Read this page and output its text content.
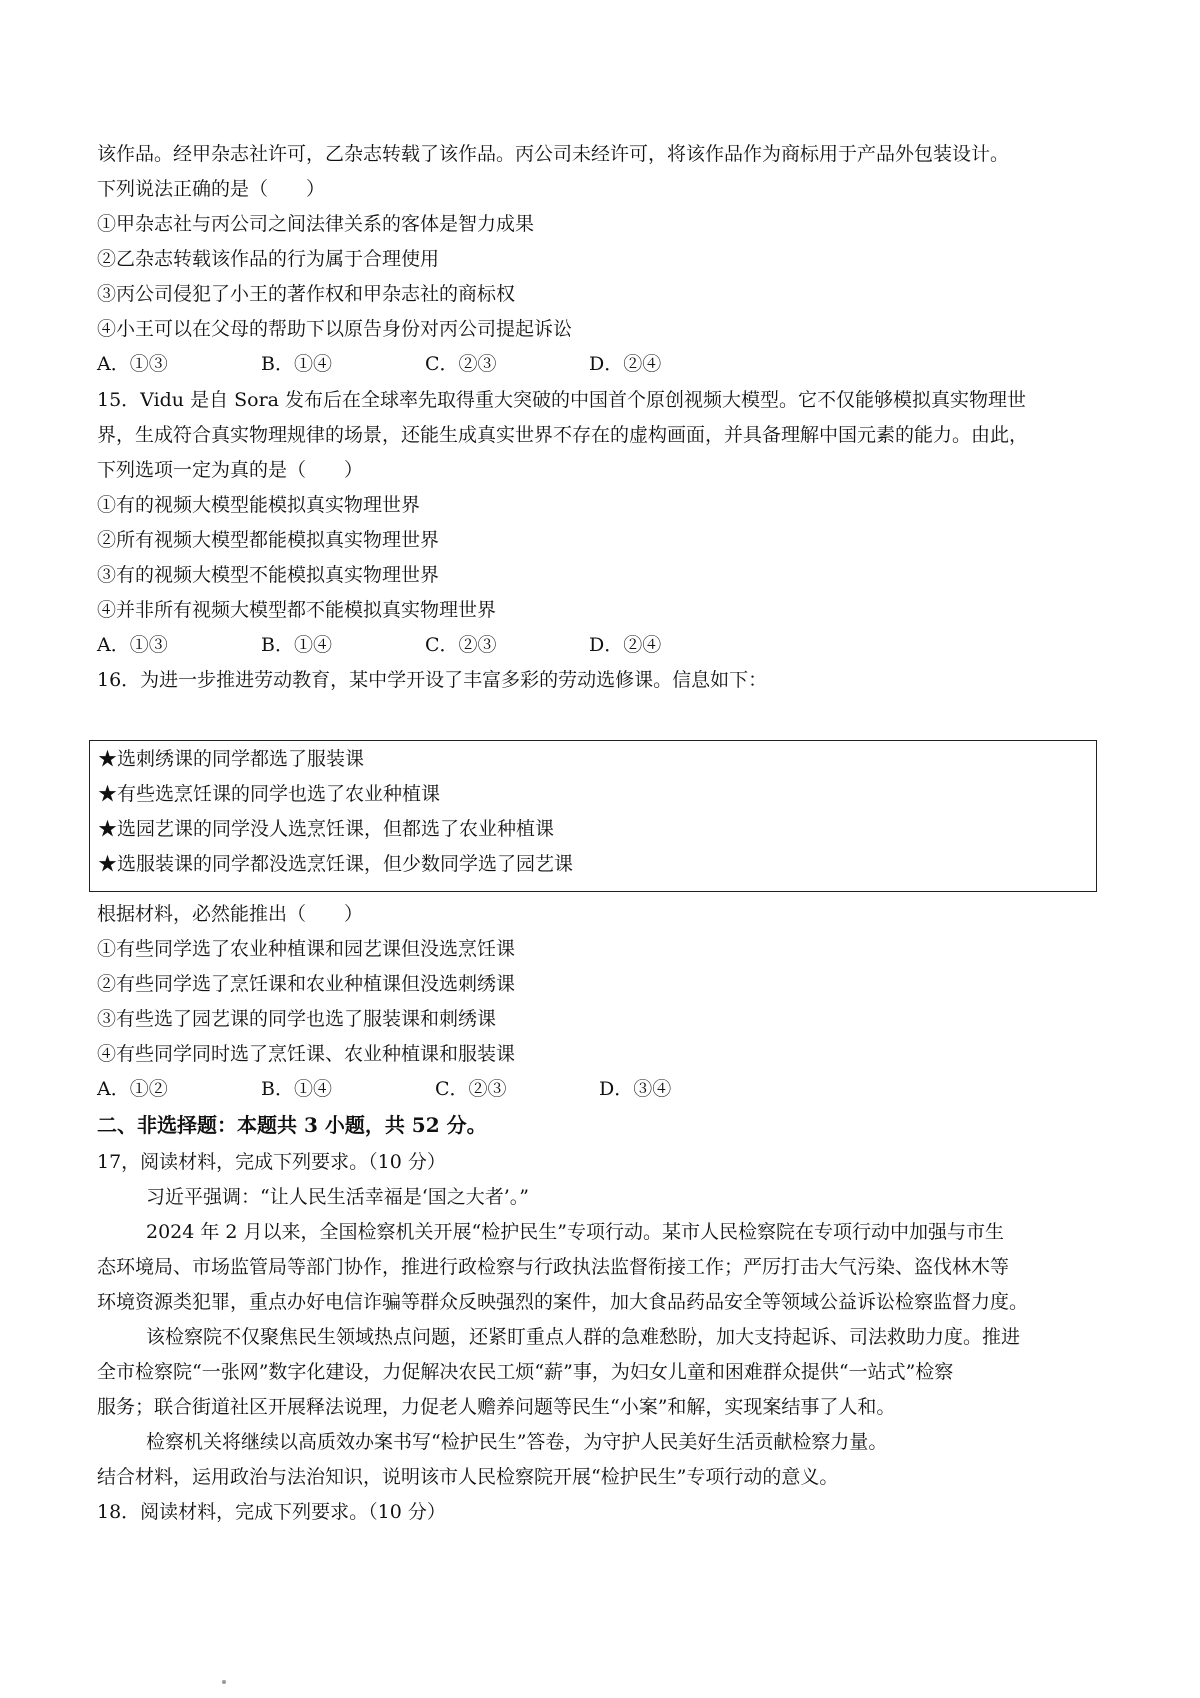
该作品。经甲杂志社许可，乙杂志转载了该作品。丙公司未经许可，将该作品作为商标用于产品外包装设计。
下列说法正确的是（　　）
①甲杂志社与丙公司之间法律关系的客体是智力成果
②乙杂志转载该作品的行为属于合理使用
③丙公司侵犯了小王的著作权和甲杂志社的商标权
④小王可以在父母的帮助下以原告身份对丙公司提起诉讼
A．①③	B．①④	C．②③	D．②④
15．Vidu 是自 Sora 发布后在全球率先取得重大突破的中国首个原创视频大模型。它不仅能够模拟真实物理世
界，生成符合真实物理规律的场景，还能生成真实世界不存在的虚构画面，并具备理解中国元素的能力。由此，
下列选项一定为真的是（　　）
①有的视频大模型能模拟真实物理世界
②所有视频大模型都能模拟真实物理世界
③有的视频大模型不能模拟真实物理世界
④并非所有视频大模型都不能模拟真实物理世界
A．①③	B．①④	C．②③	D．②④
16．为进一步推进劳动教育，某中学开设了丰富多彩的劳动选修课。信息如下：
★选刺绣课的同学都选了服装课
★有些选烹饪课的同学也选了农业种植课
★选园艺课的同学没人选烹饪课，但都选了农业种植课
★选服装课的同学都没选烹饪课，但少数同学选了园艺课
根据材料，必然能推出（　　）
①有些同学选了农业种植课和园艺课但没选烹饪课
②有些同学选了烹饪课和农业种植课但没选刺绣课
③有些选了园艺课的同学也选了服装课和刺绣课
④有些同学同时选了烹饪课、农业种植课和服装课
A．①②	B．①④	C．②③	D．③④
二、非选择题：本题共 3 小题，共 52 分。
17，阅读材料，完成下列要求。（10 分）
习近平强调：“让人民生活幸福是‘国之大者’。”
2024 年 2 月以来，全国检察机关开展“检护民生”专项行动。某市人民检察院在专项行动中加强与市生
态环境局、市场监管局等部门协作，推进行政检察与行政执法监督衔接工作；严厉打击大气污染、盗伐林木等
环境资源类犯罪，重点办好电信诈骗等群众反映强烈的案件，加大食品药品安全等领域公益诉讼检察监督力度。
该检察院不仅聚焦民生领域热点问题，还紧盯重点人群的急难愁盼，加大支持起诉、司法救助力度。推进
全市检察院“一张网”数字化建设，力促解决农民工烦“薪”事，为妇女儿童和困难群众提供“一站式”检察
服务；联合街道社区开展释法说理，力促老人赡养问题等民生“小案”和解，实现案结事了人和。
检察机关将继续以高质效办案书写“检护民生”答卷，为守护人民美好生活贡献检察力量。
结合材料，运用政治与法治知识，说明该市人民检察院开展“检护民生”专项行动的意义。
18．阅读材料，完成下列要求。（10 分）
